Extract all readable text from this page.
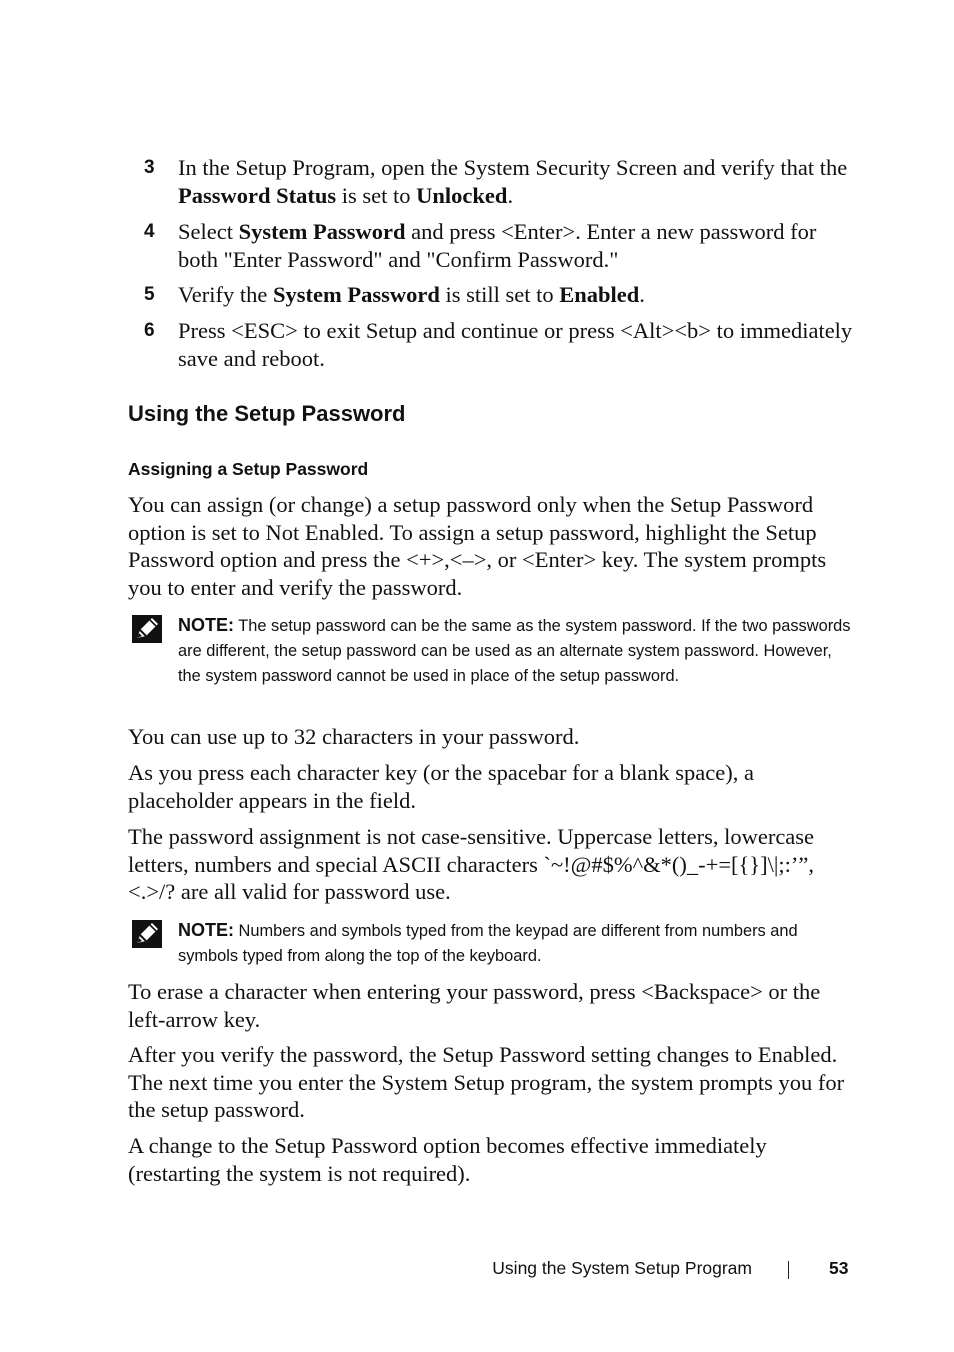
3	In the Setup Program, open the System Security Screen and verify that the Password Status is set to Unlocked.
4	Select System Password and press <Enter>. Enter a new password for both "Enter Password" and "Confirm Password."
5	Verify the System Password is still set to Enabled.
6	Press <ESC> to exit Setup and continue or press <Alt><b> to immediately save and reboot.
Using the Setup Password
Assigning a Setup Password
You can assign (or change) a setup password only when the Setup Password option is set to Not Enabled. To assign a setup password, highlight the Setup Password option and press the <+>,<–>, or <Enter> key. The system prompts you to enter and verify the password.
NOTE: The setup password can be the same as the system password. If the two passwords are different, the setup password can be used as an alternate system password. However, the system password cannot be used in place of the setup password.
You can use up to 32 characters in your password.
As you press each character key (or the spacebar for a blank space), a placeholder appears in the field.
The password assignment is not case-sensitive. Uppercase letters, lowercase letters, numbers and special ASCII characters `~!@#$%^&*()_-+=[{}]\|;:’”,<.>/? are all valid for password use.
NOTE: Numbers and symbols typed from the keypad are different from numbers and symbols typed from along the top of the keyboard.
To erase a character when entering your password, press <Backspace> or the left-arrow key.
After you verify the password, the Setup Password setting changes to Enabled. The next time you enter the System Setup program, the system prompts you for the setup password.
A change to the Setup Password option becomes effective immediately (restarting the system is not required).
Using the System Setup Program	53
